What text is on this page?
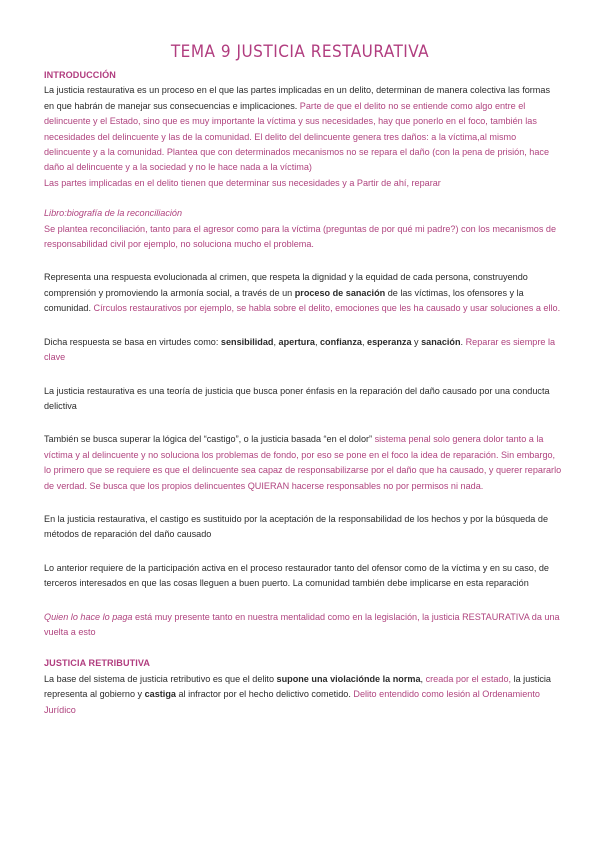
TEMA 9 JUSTICIA RESTAURATIVA
INTRODUCCIÓN

La justicia restaurativa es un proceso en el que las partes implicadas en un delito, determinan de manera colectiva las formas en que habrán de manejar sus consecuencias e implicaciones. Parte de que el delito no se entiende como algo entre el delincuente y el Estado, sino que es muy importante la víctima y sus necesidades, hay que ponerlo en el foco, también las necesidades del delincuente y las de la comunidad. El delito del delincuente genera tres daños: a la víctima,al mismo delincuente y a la comunidad. Plantea que con determinados mecanismos no se repara el daño (con la pena de prisión, hace daño al delincuente y a la sociedad y no le hace nada a la víctima)

Las partes implicadas en el delito tienen que determinar sus necesidades y a Partir de ahí, reparar

Libro:biografía de la reconciliación

Se plantea reconciliación, tanto para el agresor como para la víctima (preguntas de por qué mi padre?) con los mecanismos de responsabilidad civil por ejemplo, no soluciona mucho el problema.

Representa una respuesta evolucionada al crimen, que respeta la dignidad y la equidad de cada persona, construyendo comprensión y promoviendo la armonía social, a través de un proceso de sanación de las víctimas, los ofensores y la comunidad. Círculos restaurativos por ejemplo, se habla sobre el delito, emociones que les ha causado y usar soluciones a ello.

Dicha respuesta se basa en virtudes como: sensibilidad, apertura, confianza, esperanza y sanación. Reparar es siempre la clave

La justicia restaurativa es una teoría de justicia que busca poner énfasis en la reparación del daño causado por una conducta delictiva

También se busca superar la lógica del “castigo”, o la justicia basada “en el dolor” sistema penal solo genera dolor tanto a la víctima y al delincuente y no soluciona los problemas de fondo, por eso se pone en el foco la idea de reparación. Sin embargo, lo primero que se requiere es que el delincuente sea capaz de responsabilizarse por el daño que ha causado, y querer repararlo de verdad. Se busca que los propios delincuentes QUIERAN hacerse responsables no por permisos ni nada.

En la justicia restaurativa, el castigo es sustituido por la aceptación de la responsabilidad de los hechos y por la búsqueda de métodos de reparación del daño causado

Lo anterior requiere de la participación activa en el proceso restaurador tanto del ofensor como de la víctima y en su caso, de terceros interesados en que las cosas lleguen a buen puerto. La comunidad también debe implicarse en esta reparación

Quien lo hace lo paga está muy presente tanto en nuestra mentalidad como en la legislación, la justicia RESTAURATIVA da una vuelta a esto

JUSTICIA RETRIBUTIVA

La base del sistema de justicia retributivo es que el delito supone una violaciónde la norma, creada por el estado, la justicia representa al gobierno y castiga al infractor por el hecho delictivo cometido. Delito entendido como lesión al Ordenamiento Jurídico
